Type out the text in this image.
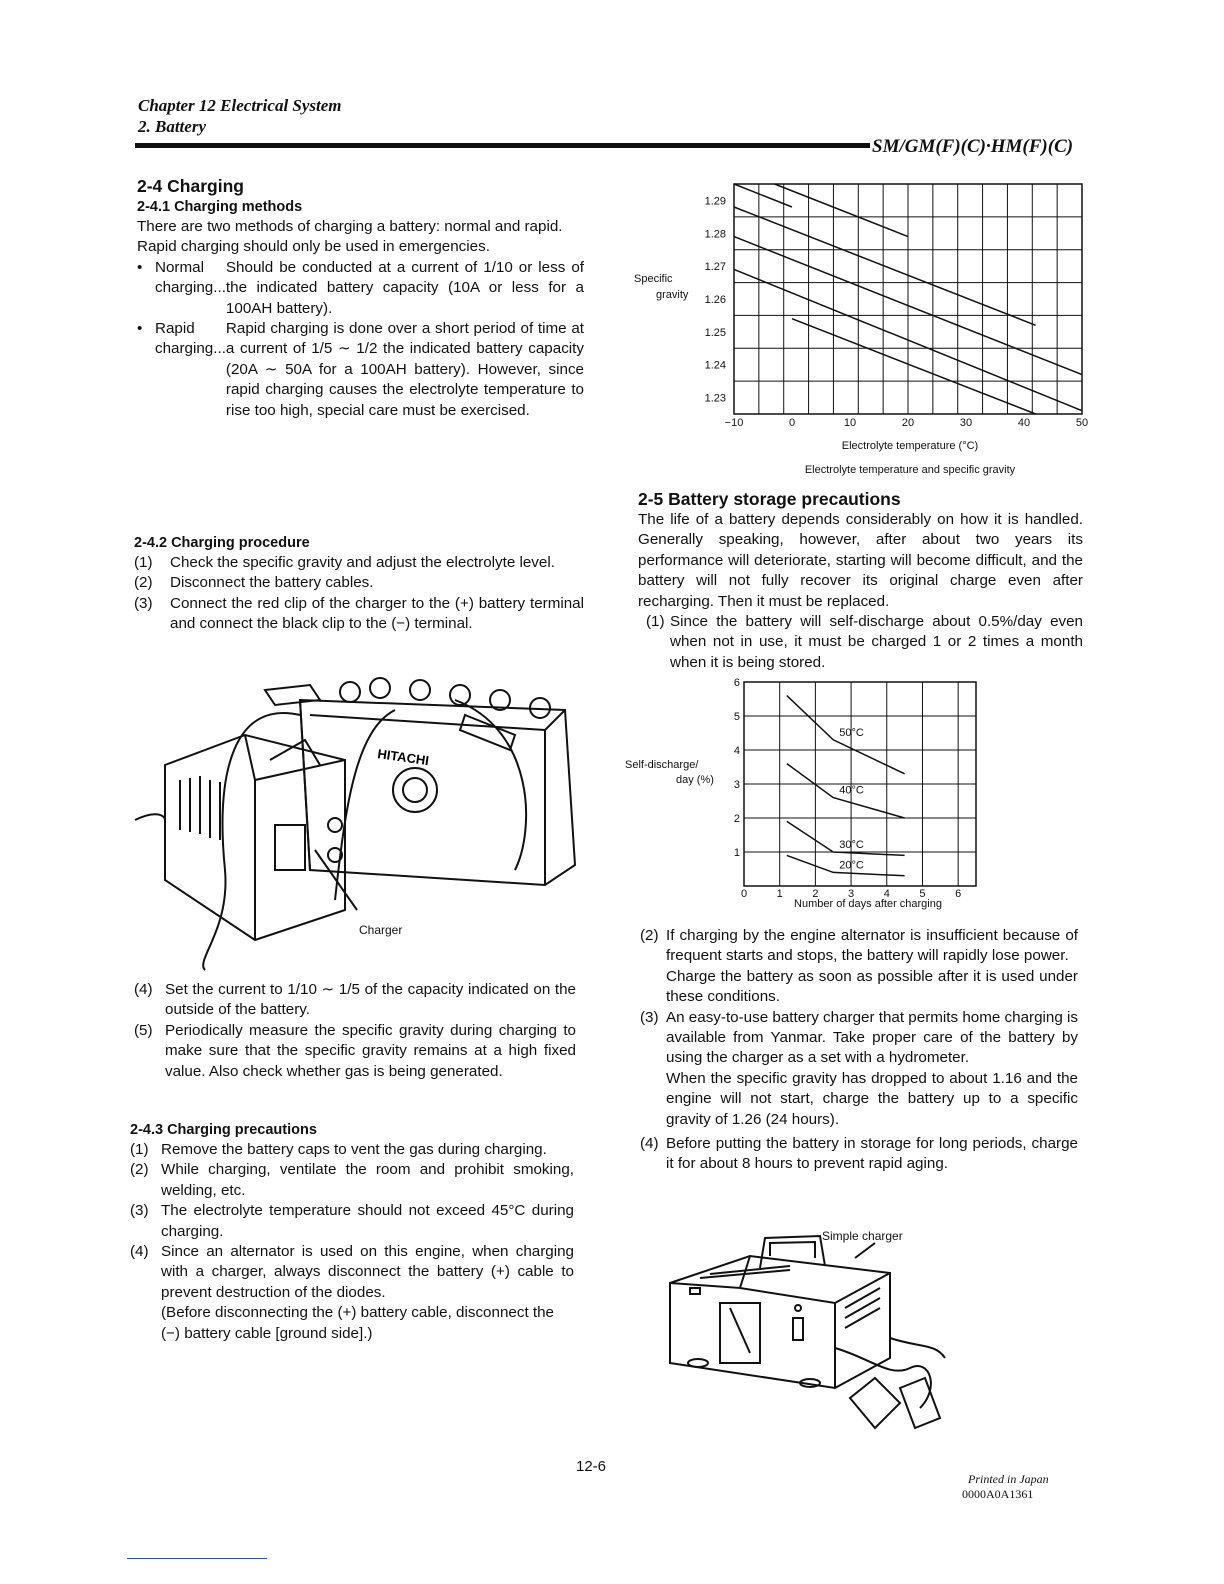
Chapter 12 Electrical System
2. Battery
SM/GM(F)(C)·HM(F)(C)
2-4 Charging
2-4.1 Charging methods

There are two methods of charging a battery: normal and rapid.

Rapid charging should only be used in emergencies.

• Normal charging...
Should be conducted at a current of 1/10 or less of the indicated battery capacity (10A or less for a 100AH battery).
• Rapid charging...
Rapid charging is done over a short period of time at a current of 1/5 ∼ 1/2 the indicated battery capacity (20A ∼ 50A for a 100AH battery). However, since rapid charging causes the electrolyte temperature to rise too high, special care must be exercised.
2-4.2 Charging procedure
(1)	Check the specific gravity and adjust the electrolyte level.
(2)	Disconnect the battery cables.
(3)	Connect the red clip of the charger to the (+) battery terminal and connect the black clip to the (−) terminal.
HITACHI
Charger
(4) Set the current to 1/10 ∼ 1/5 of the capacity indicated on the outside of the battery.
(5) Periodically measure the specific gravity during charging to make sure that the specific gravity remains at a high fixed value. Also check whether gas is being generated.
2-4.3 Charging precautions
(1) Remove the battery caps to vent the gas during charging.
(2) While charging, ventilate the room and prohibit smoking, welding, etc.
(3) The electrolyte temperature should not exceed 45°C during charging.
(4) Since an alternator is used on this engine, when charging with a charger, always disconnect the battery (+) cable to prevent destruction of the diodes.
(Before disconnecting the (+) battery cable, disconnect the (−) battery cable [ground side].)
1.29
1.28
1.27
1.26
1.25
1.24
1.23
−10	0	10	20	30	40	50
Specific
gravity
Electrolyte temperature (°C)
Electrolyte temperature and specific gravity
2-5 Battery storage precautions

The life of a battery depends considerably on how it is handled. Generally speaking, however, after about two years its performance will deteriorate, starting will become difficult, and the battery will not fully recover its original charge even after recharging. Then it must be replaced.

(1) Since the battery will self-discharge about 0.5%/day even when not in use, it must be charged 1 or 2 times a month when it is being stored.
6
5
4
3
2
1
0	1	2	3	4	5	6
50°C
40°C
30°C
20°C
Self-discharge/
day (%)
Number of days after charging
(2) If charging by the engine alternator is insufficient because of frequent starts and stops, the battery will rapidly lose power.
Charge the battery as soon as possible after it is used under these conditions.
(3) An easy-to-use battery charger that permits home charging is available from Yanmar. Take proper care of the battery by using the charger as a set with a hydrometer.
When the specific gravity has dropped to about 1.16 and the engine will not start, charge the battery up to a specific gravity of 1.26 (24 hours).
(4) Before putting the battery in storage for long periods, charge it for about 8 hours to prevent rapid aging.
Simple charger
12-6
Printed in Japan
0000A0A1361
